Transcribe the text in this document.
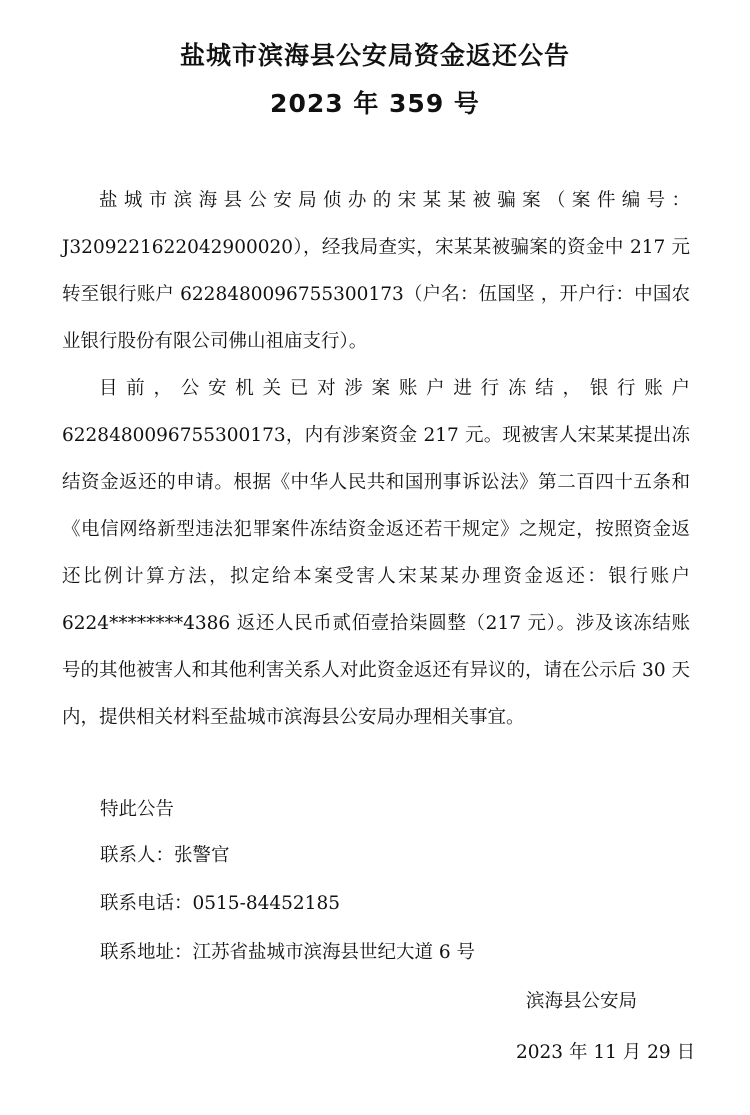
盐城市滨海县公安局资金返还公告
2023 年 359 号

盐城市滨海县公安局侦办的宋某某被骗案（案件编号：J3209221622042900020），经我局查实，宋某某被骗案的资金中 217 元转至银行账户 6228480096755300173（户名：伍国坚 ，开户行：中国农业银行股份有限公司佛山祖庙支行）。

目前，公安机关已对涉案账户进行冻结，银行账户 6228480096755300173，内有涉案资金 217 元。现被害人宋某某提出冻结资金返还的申请。根据《中华人民共和国刑事诉讼法》第二百四十五条和《电信网络新型违法犯罪案件冻结资金返还若干规定》之规定，按照资金返还比例计算方法，拟定给本案受害人宋某某办理资金返还：银行账户 6224********4386 返还人民币贰佰壹拾柒圆整（217 元）。涉及该冻结账号的其他被害人和其他利害关系人对此资金返还有异议的，请在公示后 30 天内，提供相关材料至盐城市滨海县公安局办理相关事宜。

特此公告

联系人：张警官

联系电话：0515-84452185

联系地址：江苏省盐城市滨海县世纪大道 6 号

滨海县公安局

2023 年 11 月 29 日
